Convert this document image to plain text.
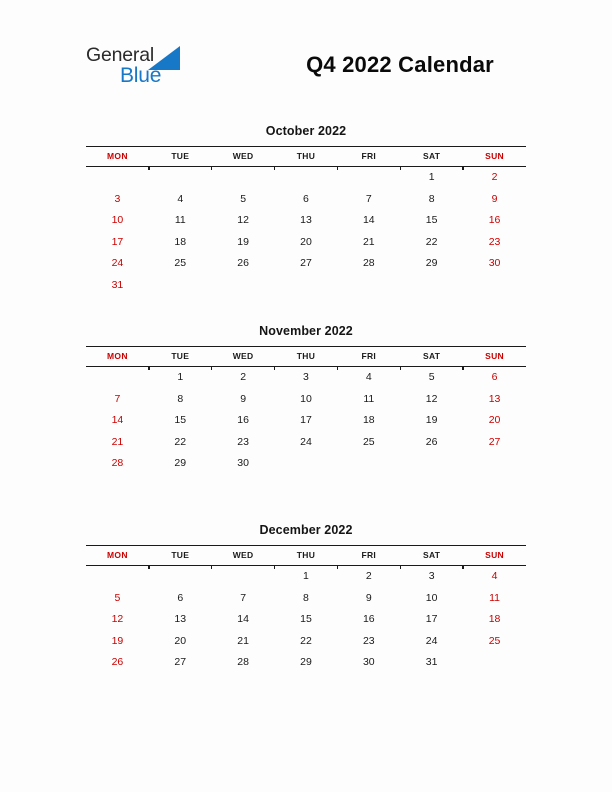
General
Blue	Q4 2022 Calendar
October 2022
MON	TUE	WED	THU	FRI	SAT	SUN
					1	2
3	4	5	6	7	8	9
10	11	12	13	14	15	16
17	18	19	20	21	22	23
24	25	26	27	28	29	30
31						
November 2022
MON	TUE	WED	THU	FRI	SAT	SUN
	1	2	3	4	5	6
7	8	9	10	11	12	13
14	15	16	17	18	19	20
21	22	23	24	25	26	27
28	29	30				
December 2022
MON	TUE	WED	THU	FRI	SAT	SUN
			1	2	3	4
5	6	7	8	9	10	11
12	13	14	15	16	17	18
19	20	21	22	23	24	25
26	27	28	29	30	31	
